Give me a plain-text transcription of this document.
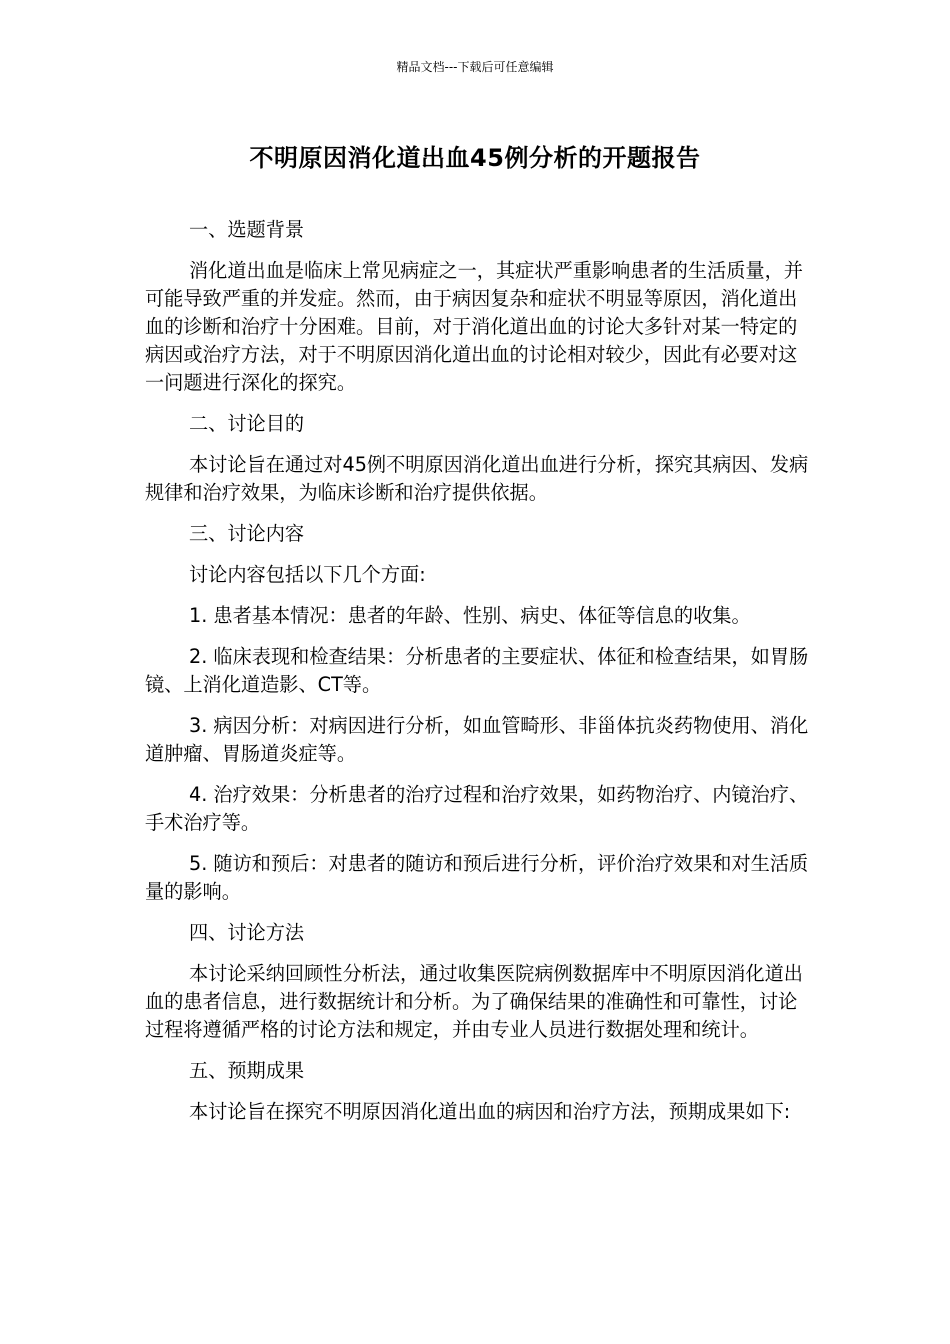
精品文档---下载后可任意编辑
不明原因消化道出血45例分析的开题报告

一、选题背景

消化道出血是临床上常见病症之一，其症状严重影响患者的生活质量，并可能导致严重的并发症。然而，由于病因复杂和症状不明显等原因，消化道出血的诊断和治疗十分困难。目前，对于消化道出血的讨论大多针对某一特定的病因或治疗方法，对于不明原因消化道出血的讨论相对较少，因此有必要对这一问题进行深化的探究。

二、讨论目的

本讨论旨在通过对45例不明原因消化道出血进行分析，探究其病因、发病规律和治疗效果，为临床诊断和治疗提供依据。

三、讨论内容

讨论内容包括以下几个方面:

1. 患者基本情况：患者的年龄、性别、病史、体征等信息的收集。

2. 临床表现和检查结果：分析患者的主要症状、体征和检查结果，如胃肠镜、上消化道造影、CT等。

3. 病因分析：对病因进行分析，如血管畸形、非甾体抗炎药物使用、消化道肿瘤、胃肠道炎症等。

4. 治疗效果：分析患者的治疗过程和治疗效果，如药物治疗、内镜治疗、手术治疗等。

5. 随访和预后：对患者的随访和预后进行分析，评价治疗效果和对生活质量的影响。

四、讨论方法

本讨论采纳回顾性分析法，通过收集医院病例数据库中不明原因消化道出血的患者信息，进行数据统计和分析。为了确保结果的准确性和可靠性，讨论过程将遵循严格的讨论方法和规定，并由专业人员进行数据处理和统计。

五、预期成果

本讨论旨在探究不明原因消化道出血的病因和治疗方法，预期成果如下:
